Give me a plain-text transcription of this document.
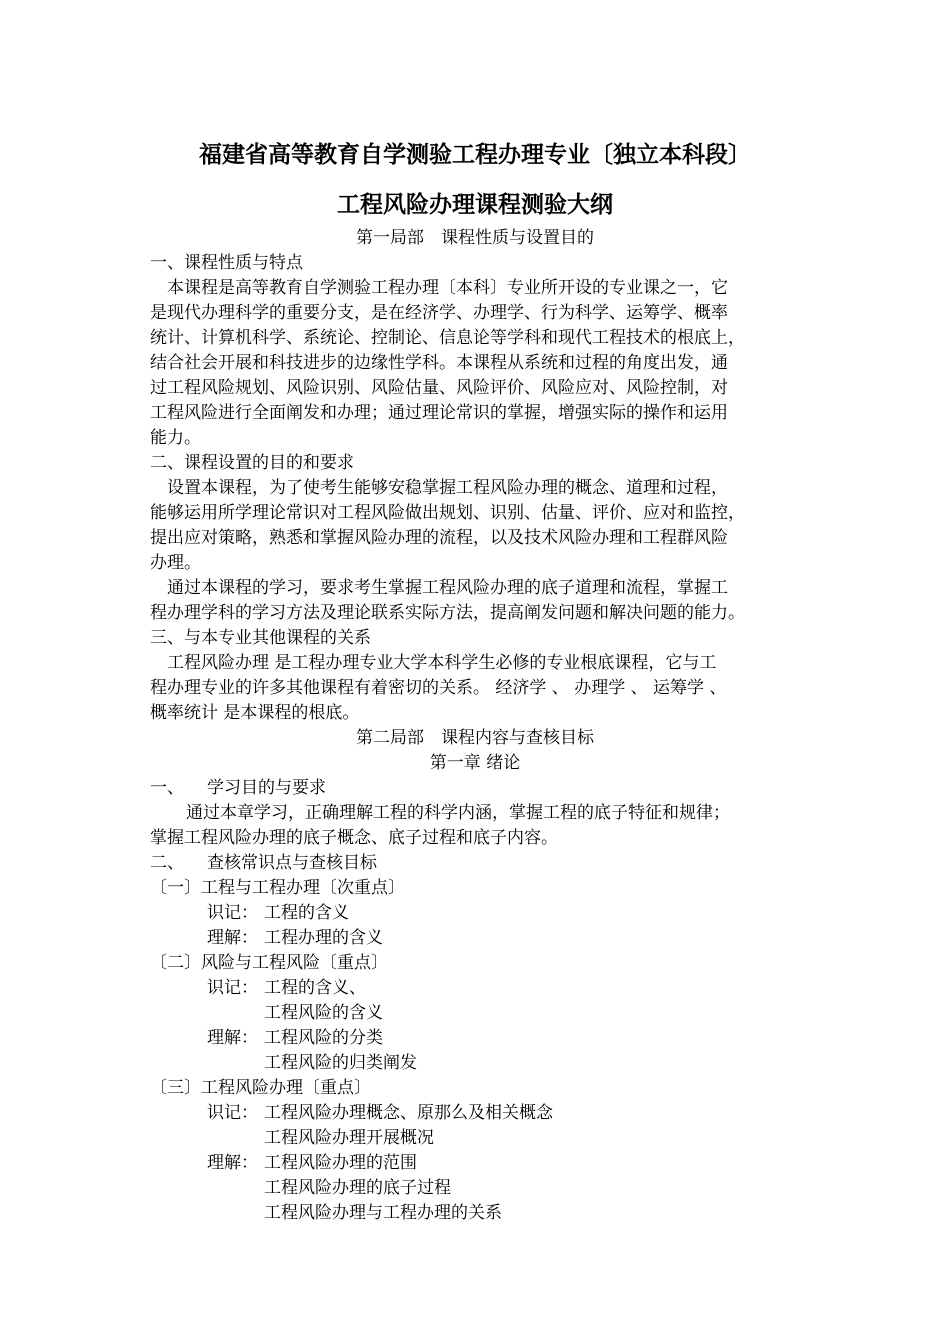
福建省高等教育自学测验工程办理专业〔独立本科段〕
工程风险办理课程测验大纲
第一局部　课程性质与设置目的
一、课程性质与特点
本课程是高等教育自学测验工程办理〔本科〕专业所开设的专业课之一，它
是现代办理科学的重要分支，是在经济学、办理学、行为科学、运筹学、概率
统计、计算机科学、系统论、控制论、信息论等学科和现代工程技术的根底上，
结合社会开展和科技进步的边缘性学科。本课程从系统和过程的角度出发，通
过工程风险规划、风险识别、风险估量、风险评价、风险应对、风险控制，对
工程风险进行全面阐发和办理；通过理论常识的掌握，增强实际的操作和运用
能力。
二、课程设置的目的和要求
设置本课程，为了使考生能够安稳掌握工程风险办理的概念、道理和过程，
能够运用所学理论常识对工程风险做出规划、识别、估量、评价、应对和监控，
提出应对策略，熟悉和掌握风险办理的流程，以及技术风险办理和工程群风险
办理。
通过本课程的学习，要求考生掌握工程风险办理的底子道理和流程，掌握工
程办理学科的学习方法及理论联系实际方法，提高阐发问题和解决问题的能力。
三、与本专业其他课程的关系
工程风险办理 是工程办理专业大学本科学生必修的专业根底课程，它与工
程办理专业的许多其他课程有着密切的关系。 经济学 、 办理学 、 运筹学 、
概率统计 是本课程的根底。
第二局部　课程内容与查核目标
第一章 绪论
一、 学习目的与要求
通过本章学习，正确理解工程的科学内涵，掌握工程的底子特征和规律；
掌握工程风险办理的底子概念、底子过程和底子内容。
二、 查核常识点与查核目标
〔一〕工程与工程办理〔次重点〕
识记： 工程的含义
理解： 工程办理的含义
〔二〕风险与工程风险〔重点〕
识记： 工程的含义、
工程风险的含义
理解： 工程风险的分类
工程风险的归类阐发
〔三〕工程风险办理〔重点〕
识记： 工程风险办理概念、原那么及相关概念
工程风险办理开展概况
理解： 工程风险办理的范围
工程风险办理的底子过程
工程风险办理与工程办理的关系
